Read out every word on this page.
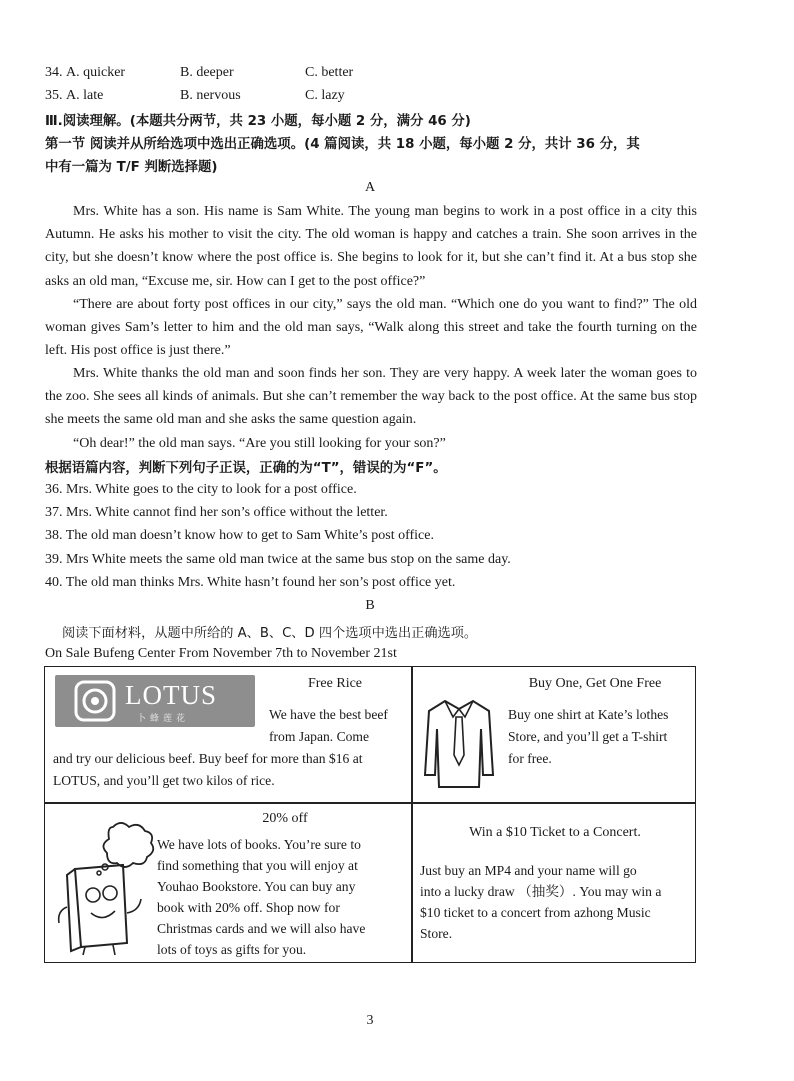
34. A. quicker	B. deeper	C. better
35. A. late	B. nervous	C. lazy
Ⅲ.阅读理解。(本题共分两节，共 23 小题，每小题 2 分，满分 46 分)
第一节 阅读并从所给选项中选出正确选项。(4 篇阅读，共 18 小题，每小题 2 分，共计 36 分，其
中有一篇为 T/F 判断选择题)
A

Mrs. White has a son. His name is Sam White. The young man begins to work in a post office in a city this Autumn. He asks his mother to visit the city. The old woman is happy and catches a train. She soon arrives in the city, but she doesn’t know where the post office is. She begins to look for it, but she can’t find it. At a bus stop she asks an old man, “Excuse me, sir. How can I get to the post office?”

“There are about forty post offices in our city,” says the old man. “Which one do you want to find?” The old woman gives Sam’s letter to him and the old man says, “Walk along this street and take the fourth turning on the left. His post office is just there.”

Mrs. White thanks the old man and soon finds her son. They are very happy. A week later the woman goes to the zoo. She sees all kinds of animals. But she can’t remember the way back to the post office. At the same bus stop she meets the same old man and she asks the same question again.

“Oh dear!” the old man says. “Are you still looking for your son?”

根据语篇内容，判断下列句子正误，正确的为“T”，错误的为“F”。
36. Mrs. White goes to the city to look for a post office.
37. Mrs. White cannot find her son’s office without the letter.
38. The old man doesn’t know how to get to Sam White’s post office.
39. Mrs White meets the same old man twice at the same bus stop on the same day.
40. The old man thinks Mrs. White hasn’t found her son’s post office yet.
B
阅读下面材料，从题中所给的 A、B、C、D 四个选项中选出正确选项。
On Sale Bufeng Center From November 7th to November 21st
LOTUS
卜蜂莲花
Free Rice
We have the best beef
from Japan. Come
and try our delicious beef. Buy beef for more than $16 at
LOTUS, and you’ll get two kilos of rice.
Buy One, Get One Free
Buy one shirt at Kate’s lothes
Store, and you’ll get a T-shirt
for free.
20% off
We have lots of books. You’re sure to
find something that you will enjoy at
Youhao Bookstore. You can buy any
book with 20% off. Shop now for
Christmas cards and we will also have
lots of toys as gifts for you.
Win a $10 Ticket to a Concert.
Just buy an MP4 and your name will go
into a lucky draw （抽奖）. You may win a
$10 ticket to a concert from azhong Music
Store.
3
